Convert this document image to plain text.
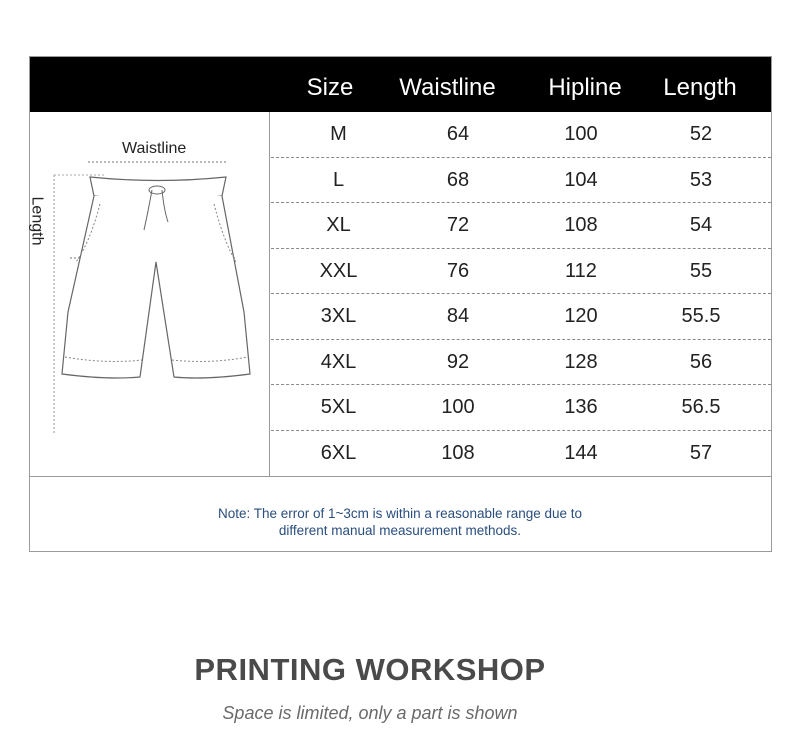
Size	Waistline	Hipline	Length
Waistline
Length
M	64	100	52
L	68	104	53
XL	72	108	54
XXL	76	112	55
3XL	84	120	55.5
4XL	92	128	56
5XL	100	136	56.5
6XL	108	144	57
Note: The error of 1~3cm is within a reasonable range due to
different manual measurement methods.
PRINTING WORKSHOP
Space is limited, only a part is shown
